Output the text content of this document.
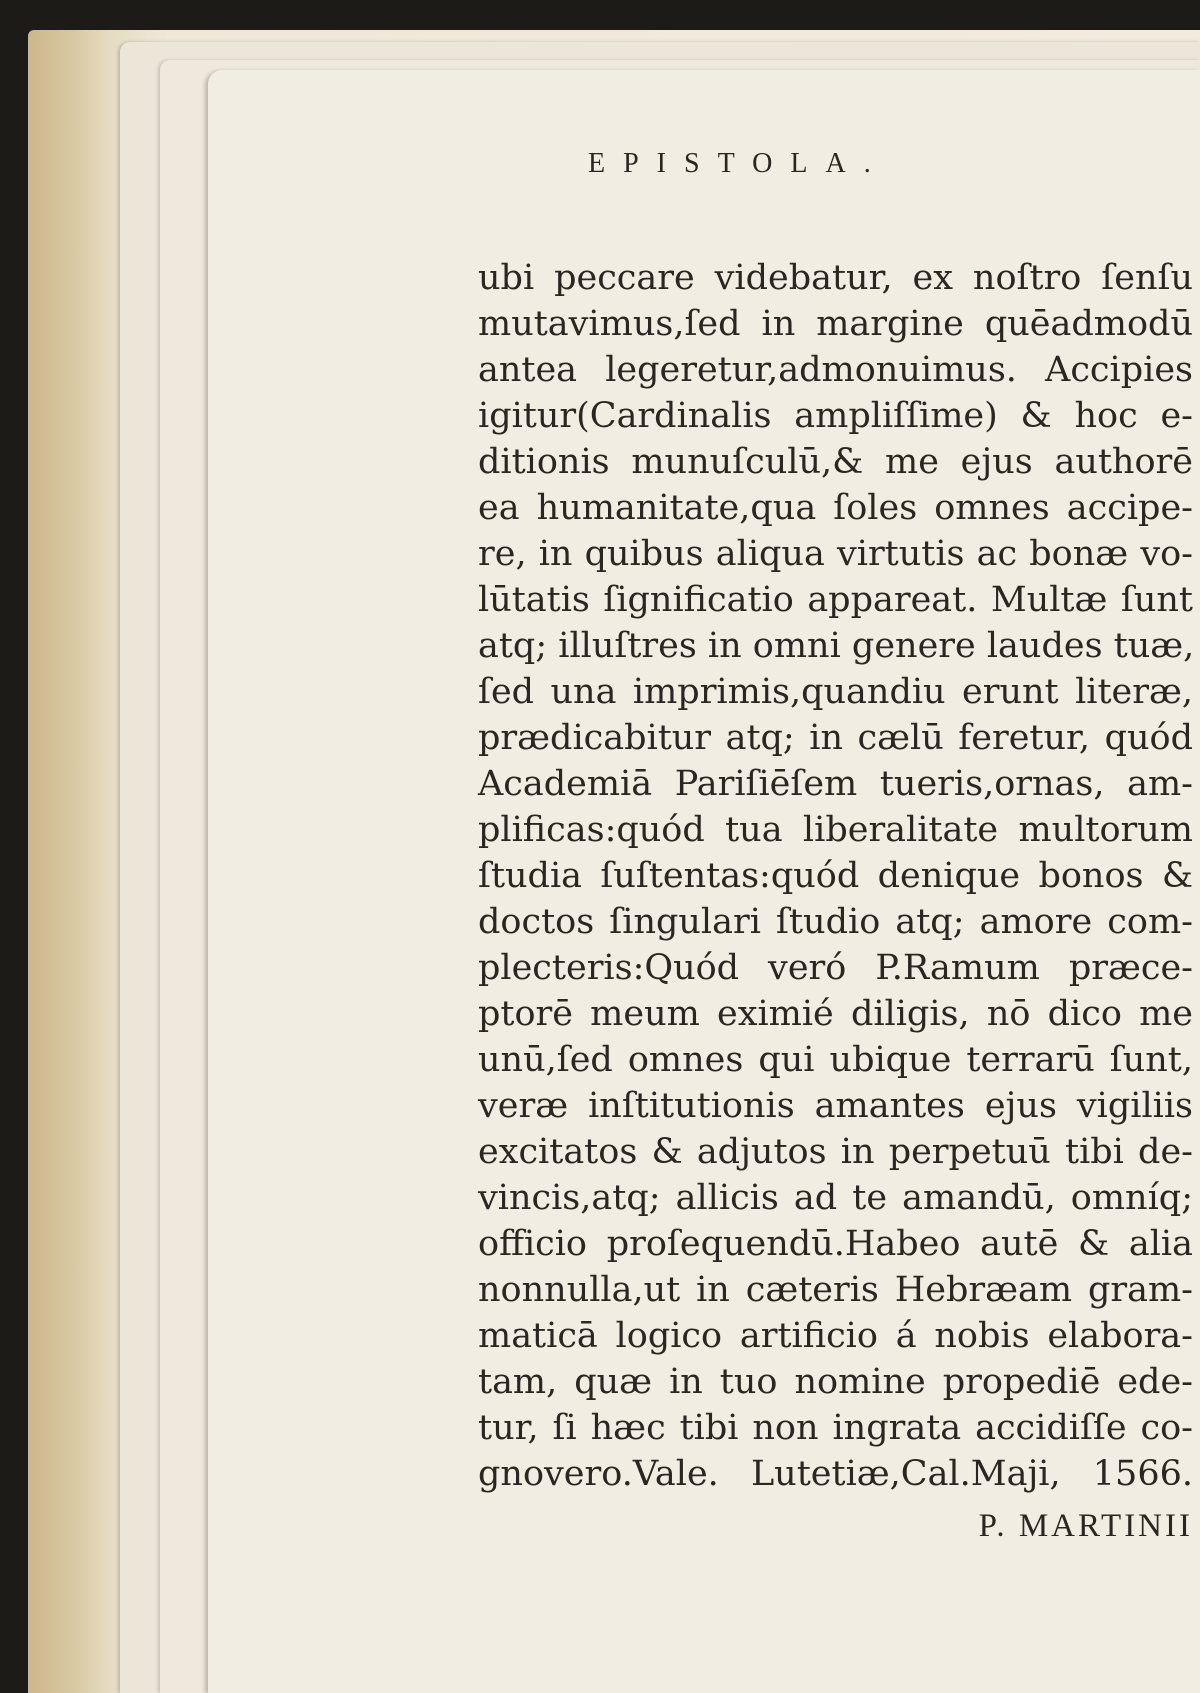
EPISTOLA.
ubi peccare videbatur, ex noſtro ſenſu
mutavimus,ſed in margine quēadmodū
antea legeretur,admonuimus. Accipies
igitur(Cardinalis ampliſſime) & hoc e-
ditionis munuſculū,& me ejus authorē
ea humanitate,qua ſoles omnes accipe-
re, in quibus aliqua virtutis ac bonæ vo-
lūtatis ſignificatio appareat. Multæ ſunt
atq; illuſtres in omni genere laudes tuæ,
ſed una imprimis,quandiu erunt literæ,
prædicabitur atq; in cælū feretur, quód
Academiā Pariſiēſem tueris,ornas, am-
plificas:quód tua liberalitate multorum
ſtudia ſuſtentas:quód denique bonos &
doctos ſingulari ſtudio atq; amore com-
plecteris:Quód veró P.Ramum præce-
ptorē meum eximié diligis, nō dico me
unū,ſed omnes qui ubique terrarū ſunt,
veræ inſtitutionis amantes ejus vigiliis
excitatos & adjutos in perpetuū tibi de-
vincis,atq; allicis ad te amandū, omníq;
officio proſequendū.Habeo autē & alia
nonnulla,ut in cæteris Hebræam gram-
maticā logico artificio á nobis elabora-
tam, quæ in tuo nomine propediē ede-
tur, ſi hæc tibi non ingrata accidiſſe co-
gnovero.Vale. Lutetiæ,Cal.Maji, 1566.
P. MARTINII
